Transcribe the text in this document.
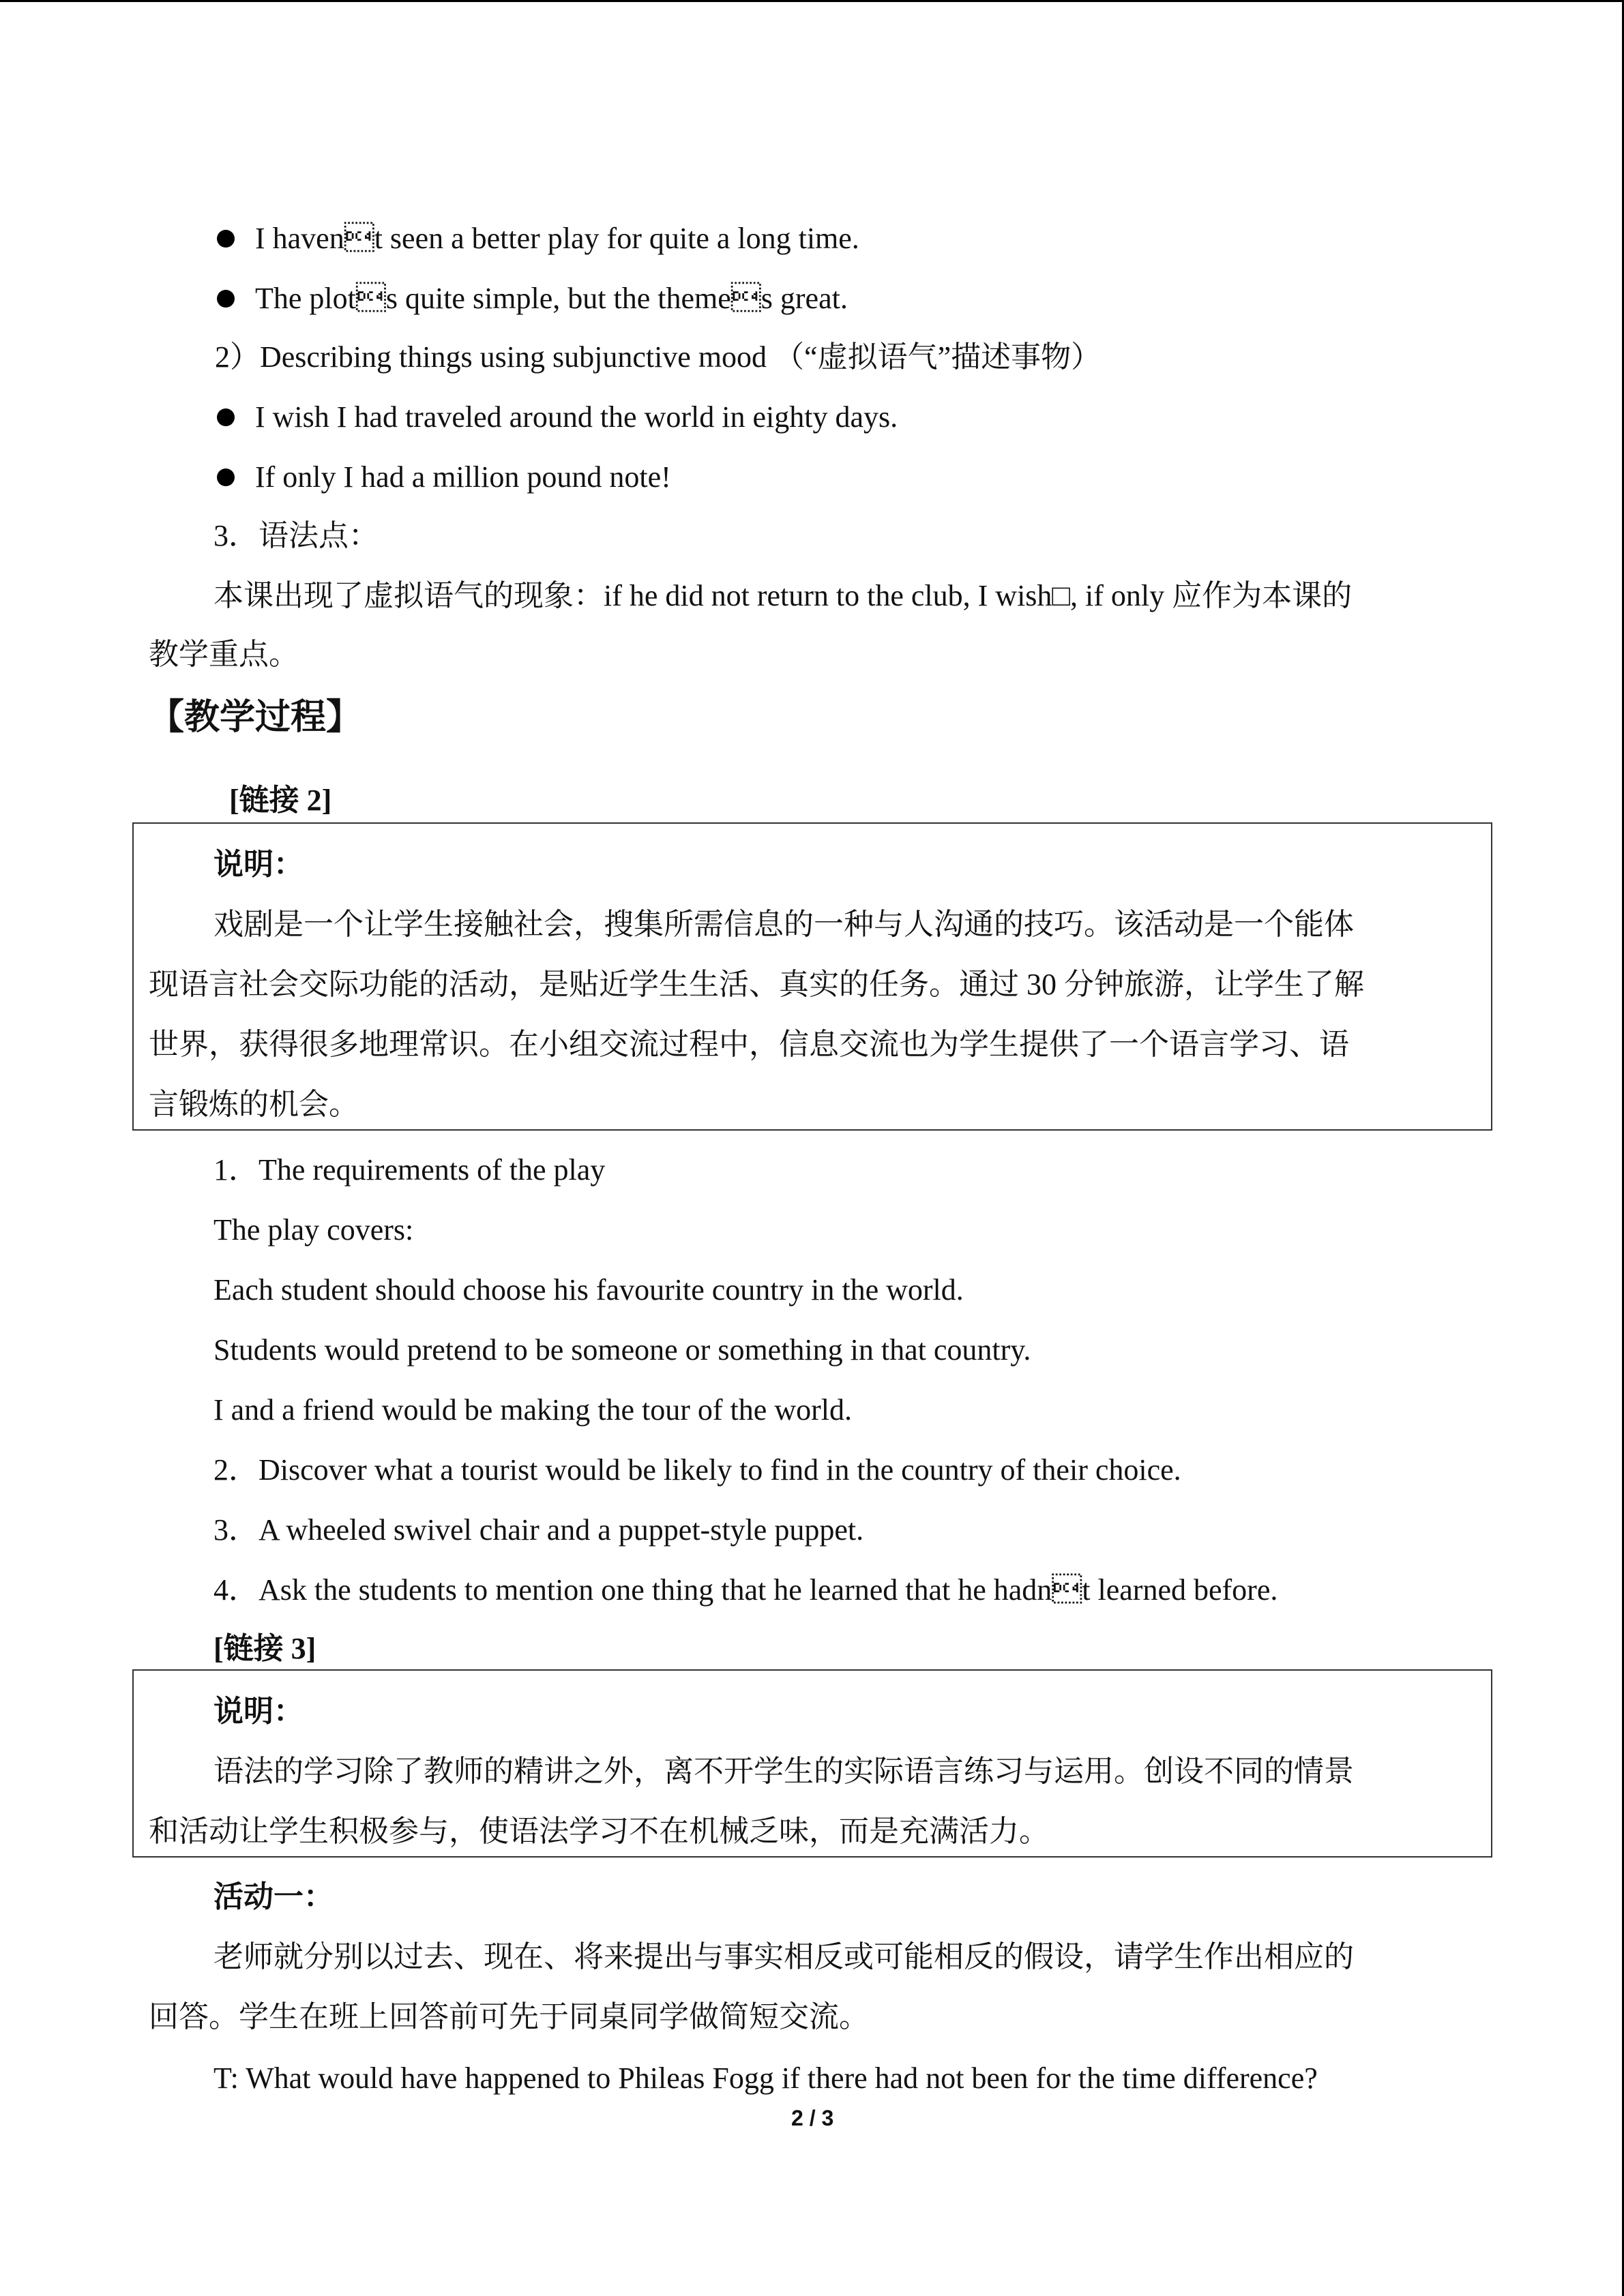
I havent seen a better play for quite a long time.
The plots quite simple, but the themes great.
2）Describing things using subjunctive mood （“虚拟语气”描述事物）
I wish I had traveled around the world in eighty days.
If only I had a million pound note!
3．语法点：
本课出现了虚拟语气的现象：if he did not return to the club, I wish□, if only 应作为本课的
教学重点。
【教学过程】
[链接 2]
说明：
戏剧是一个让学生接触社会，搜集所需信息的一种与人沟通的技巧。该活动是一个能体
现语言社会交际功能的活动，是贴近学生生活、真实的任务。通过 30 分钟旅游，让学生了解
世界，获得很多地理常识。在小组交流过程中，信息交流也为学生提供了一个语言学习、语
言锻炼的机会。
1．The requirements of the play
The play covers:
Each student should choose his favourite country in the world.
Students would pretend to be someone or something in that country.
I and a friend would be making the tour of the world.
2．Discover what a tourist would be likely to find in the country of their choice.
3．A wheeled swivel chair and a puppet-style puppet.
4．Ask the students to mention one thing that he learned that he hadnt learned before.
[链接 3]
说明：
语法的学习除了教师的精讲之外，离不开学生的实际语言练习与运用。创设不同的情景
和活动让学生积极参与，使语法学习不在机械乏味，而是充满活力。
活动一：
老师就分别以过去、现在、将来提出与事实相反或可能相反的假设，请学生作出相应的
回答。学生在班上回答前可先于同桌同学做简短交流。
T: What would have happened to Phileas Fogg if there had not been for the time difference?
2 / 3
